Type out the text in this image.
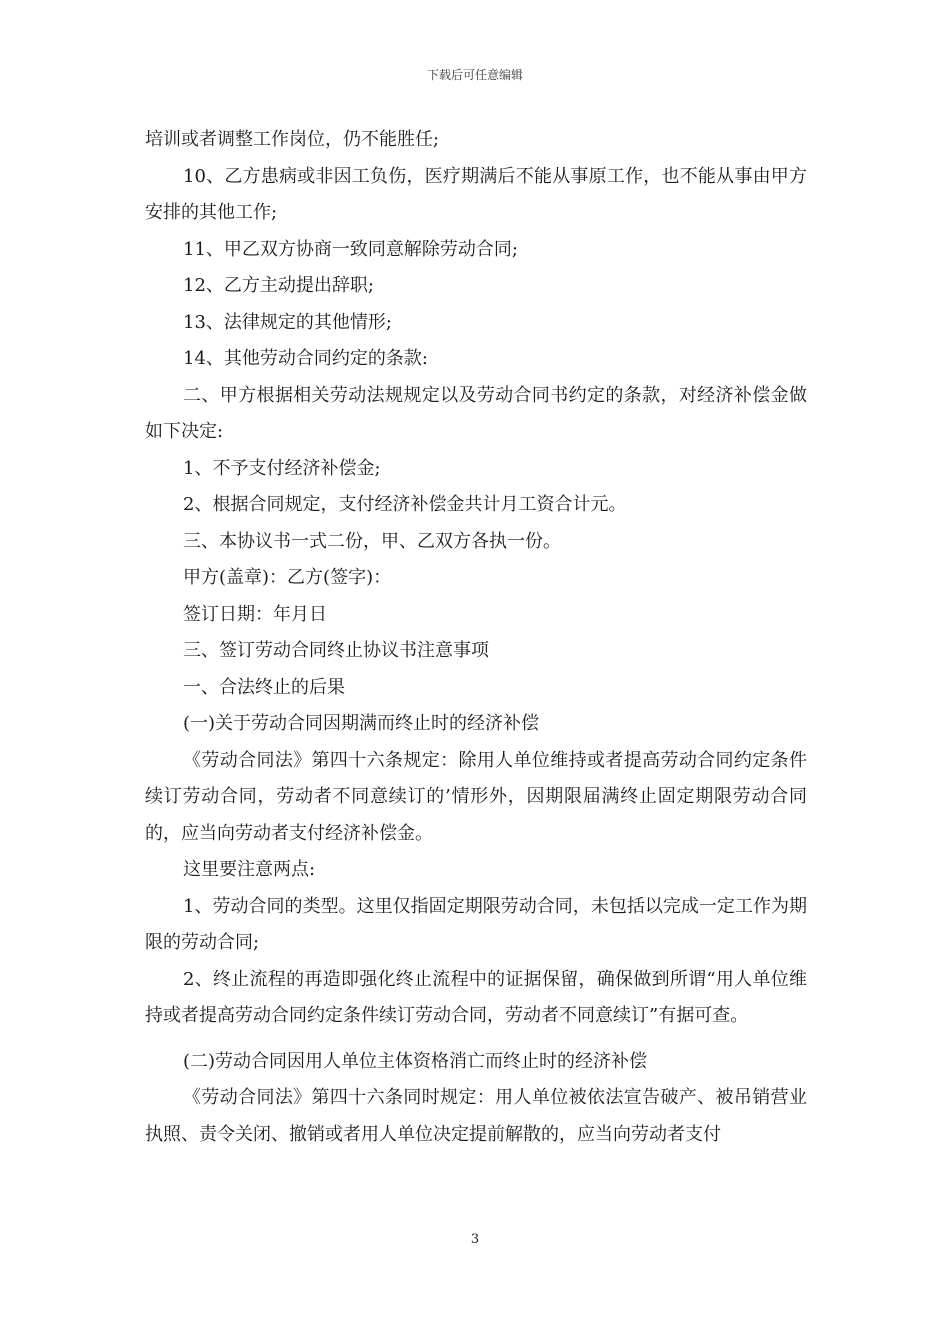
下载后可任意编辑

培训或者调整工作岗位，仍不能胜任;

10、乙方患病或非因工负伤，医疗期满后不能从事原工作，也不能从事由甲方安排的其他工作;

11、甲乙双方协商一致同意解除劳动合同;

12、乙方主动提出辞职;

13、法律规定的其他情形;

14、其他劳动合同约定的条款:

二、甲方根据相关劳动法规规定以及劳动合同书约定的条款，对经济补偿金做如下决定:

1、不予支付经济补偿金;

2、根据合同规定，支付经济补偿金共计月工资合计元。

三、本协议书一式二份，甲、乙双方各执一份。

甲方(盖章)：乙方(签字)：

签订日期：年月日

三、签订劳动合同终止协议书注意事项

一、合法终止的后果

(一)关于劳动合同因期满而终止时的经济补偿

《劳动合同法》第四十六条规定：除用人单位维持或者提高劳动合同约定条件续订劳动合同，劳动者不同意续订的’情形外，因期限届满终止固定期限劳动合同的，应当向劳动者支付经济补偿金。

这里要注意两点:

1、劳动合同的类型。这里仅指固定期限劳动合同，未包括以完成一定工作为期限的劳动合同;

2、终止流程的再造即强化终止流程中的证据保留，确保做到所谓“用人单位维持或者提高劳动合同约定条件续订劳动合同，劳动者不同意续订”有据可查。

(二)劳动合同因用人单位主体资格消亡而终止时的经济补偿

《劳动合同法》第四十六条同时规定：用人单位被依法宣告破产、被吊销营业执照、责令关闭、撤销或者用人单位决定提前解散的，应当向劳动者支付

3
